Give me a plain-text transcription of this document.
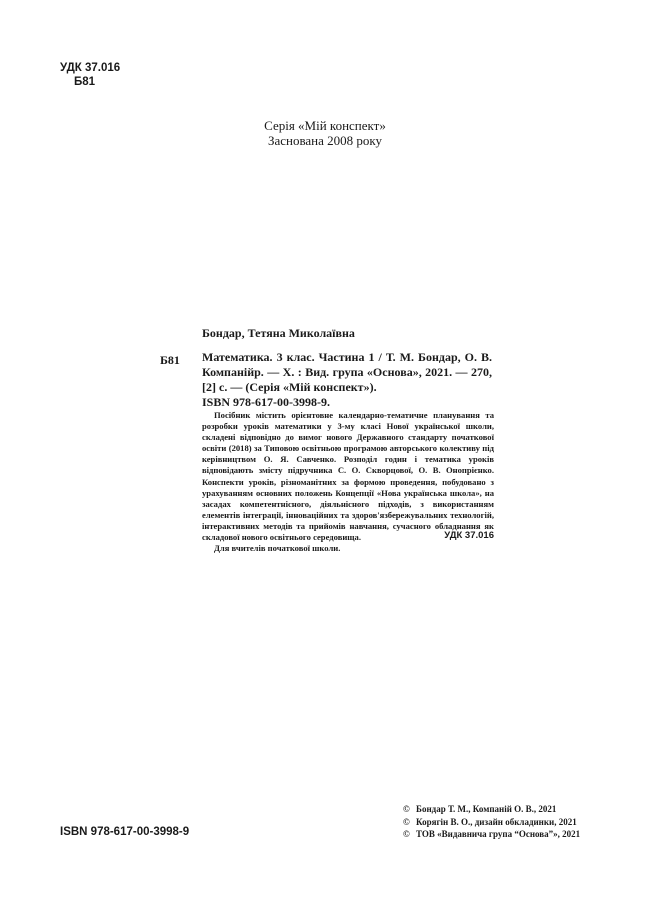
УДК 37.016
Б81
Серія «Мій конспект»
Заснована 2008 року
Бондар, Тетяна Миколаївна
Б81 Математика. 3 клас. Частина 1 / Т. М. Бондар, О. В. Компанійр. — Х. : Вид. група «Основа», 2021. — 270, [2] с. — (Серія «Мій конспект»).
ISBN 978-617-00-3998-9.

Посібник містить орієнтовне календарно-тематичне планування та розробки уроків математики у 3-му класі Нової української школи, складені відповідно до вимог нового Державного стандарту початкової освіти (2018) за Типовою освітньою програмою авторського колективу під керівництвом О. Я. Савченко. Розподіл годин і тематика уроків відповідають змісту підручника С. О. Скворцової, О. В. Онопрієнко. Конспекти уроків, різноманітних за формою проведення, побудовано з урахуванням основних положень Концепції «Нова українська школа», на засадах компетентнісного, діяльнісного підходів, з використанням елементів інтеграції, інноваційних та здоров'язбережувальних технологій, інтерактивних методів та прийомів навчання, сучасного обладнання як складової нового освітнього середовища.

Для вчителів початкової школи.

УДК 37.016
ISBN 978-617-00-3998-9
© Бондар Т. М., Компаній О. В., 2021
© Корягін В. О., дизайн обкладинки, 2021
© ТОВ «Видавнича група “Основа”», 2021
